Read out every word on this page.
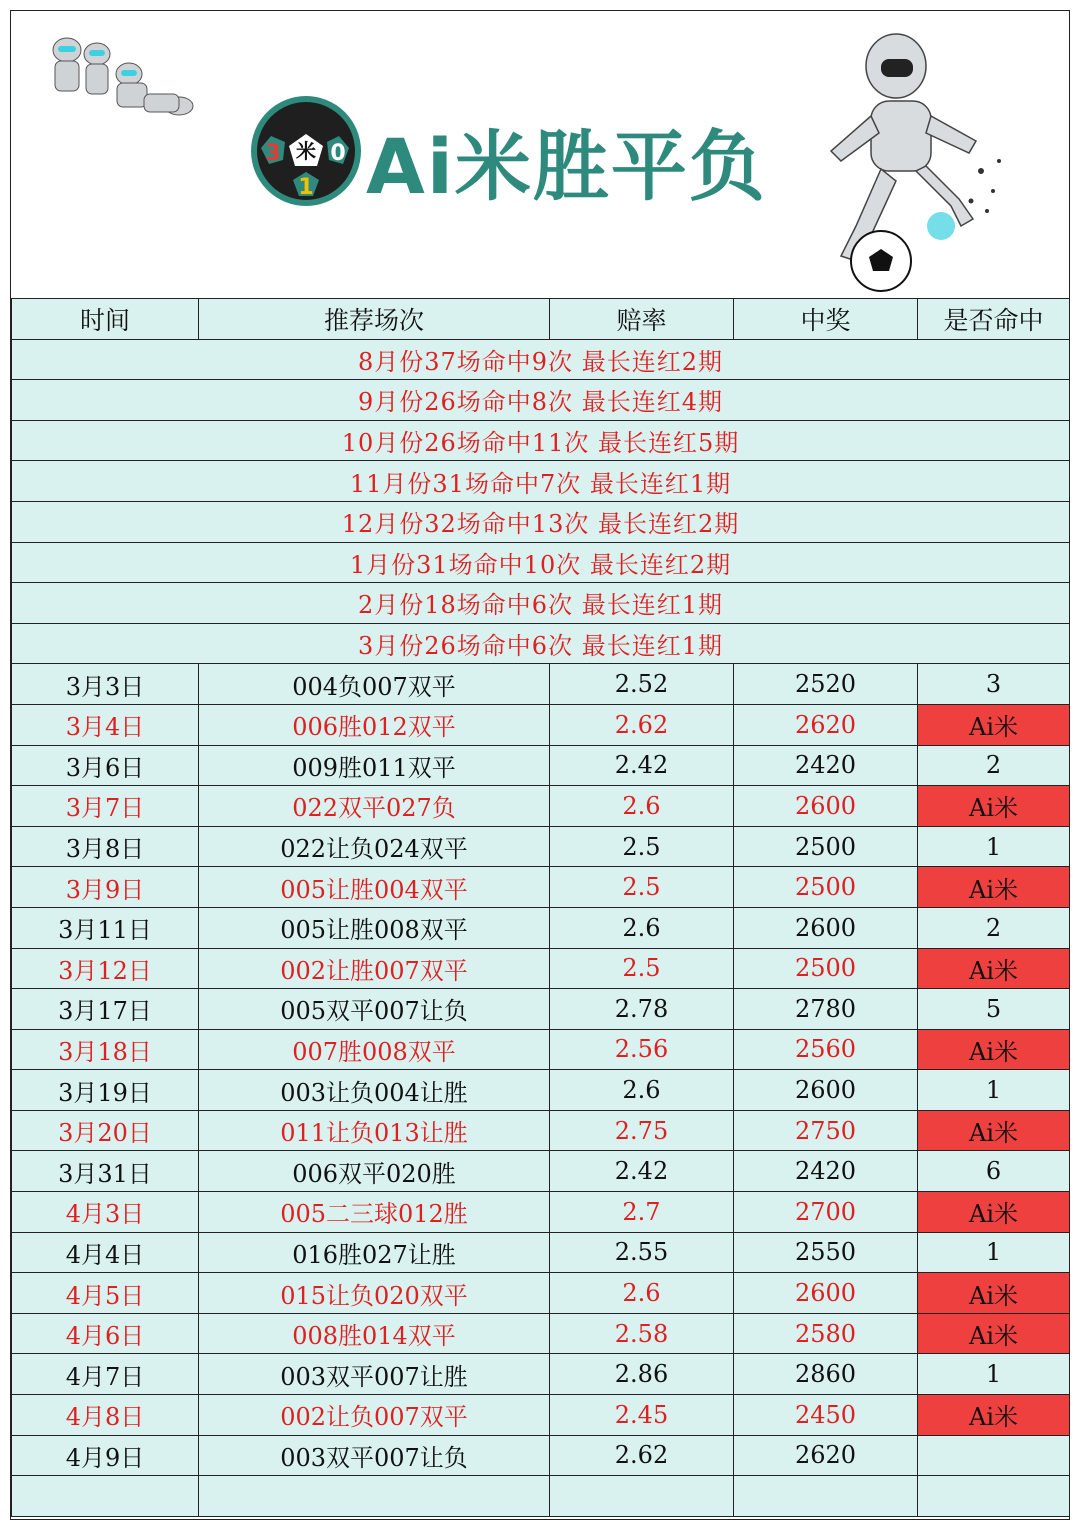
3 米 0
1 Ai米胜平负
时间	推荐场次	赔率	中奖	是否命中
8月份37场命中9次 最长连红2期				
9月份26场命中8次 最长连红4期				
10月份26场命中11次 最长连红5期				
11月份31场命中7次 最长连红1期				
12月份32场命中13次 最长连红2期				
1月份31场命中10次 最长连红2期				
2月份18场命中6次 最长连红1期				
3月份26场命中6次 最长连红1期				
3月3日	004负007双平	2.52	2520	3
3月4日	006胜012双平	2.62	2620	Ai米
3月6日	009胜011双平	2.42	2420	2
3月7日	022双平027负	2.6	2600	Ai米
3月8日	022让负024双平	2.5	2500	1
3月9日	005让胜004双平	2.5	2500	Ai米
3月11日	005让胜008双平	2.6	2600	2
3月12日	002让胜007双平	2.5	2500	Ai米
3月17日	005双平007让负	2.78	2780	5
3月18日	007胜008双平	2.56	2560	Ai米
3月19日	003让负004让胜	2.6	2600	1
3月20日	011让负013让胜	2.75	2750	Ai米
3月31日	006双平020胜	2.42	2420	6
4月3日	005二三球012胜	2.7	2700	Ai米
4月4日	016胜027让胜	2.55	2550	1
4月5日	015让负020双平	2.6	2600	Ai米
4月6日	008胜014双平	2.58	2580	Ai米
4月7日	003双平007让胜	2.86	2860	1
4月8日	002让负007双平	2.45	2450	Ai米
4月9日	003双平007让负	2.62	2620	
